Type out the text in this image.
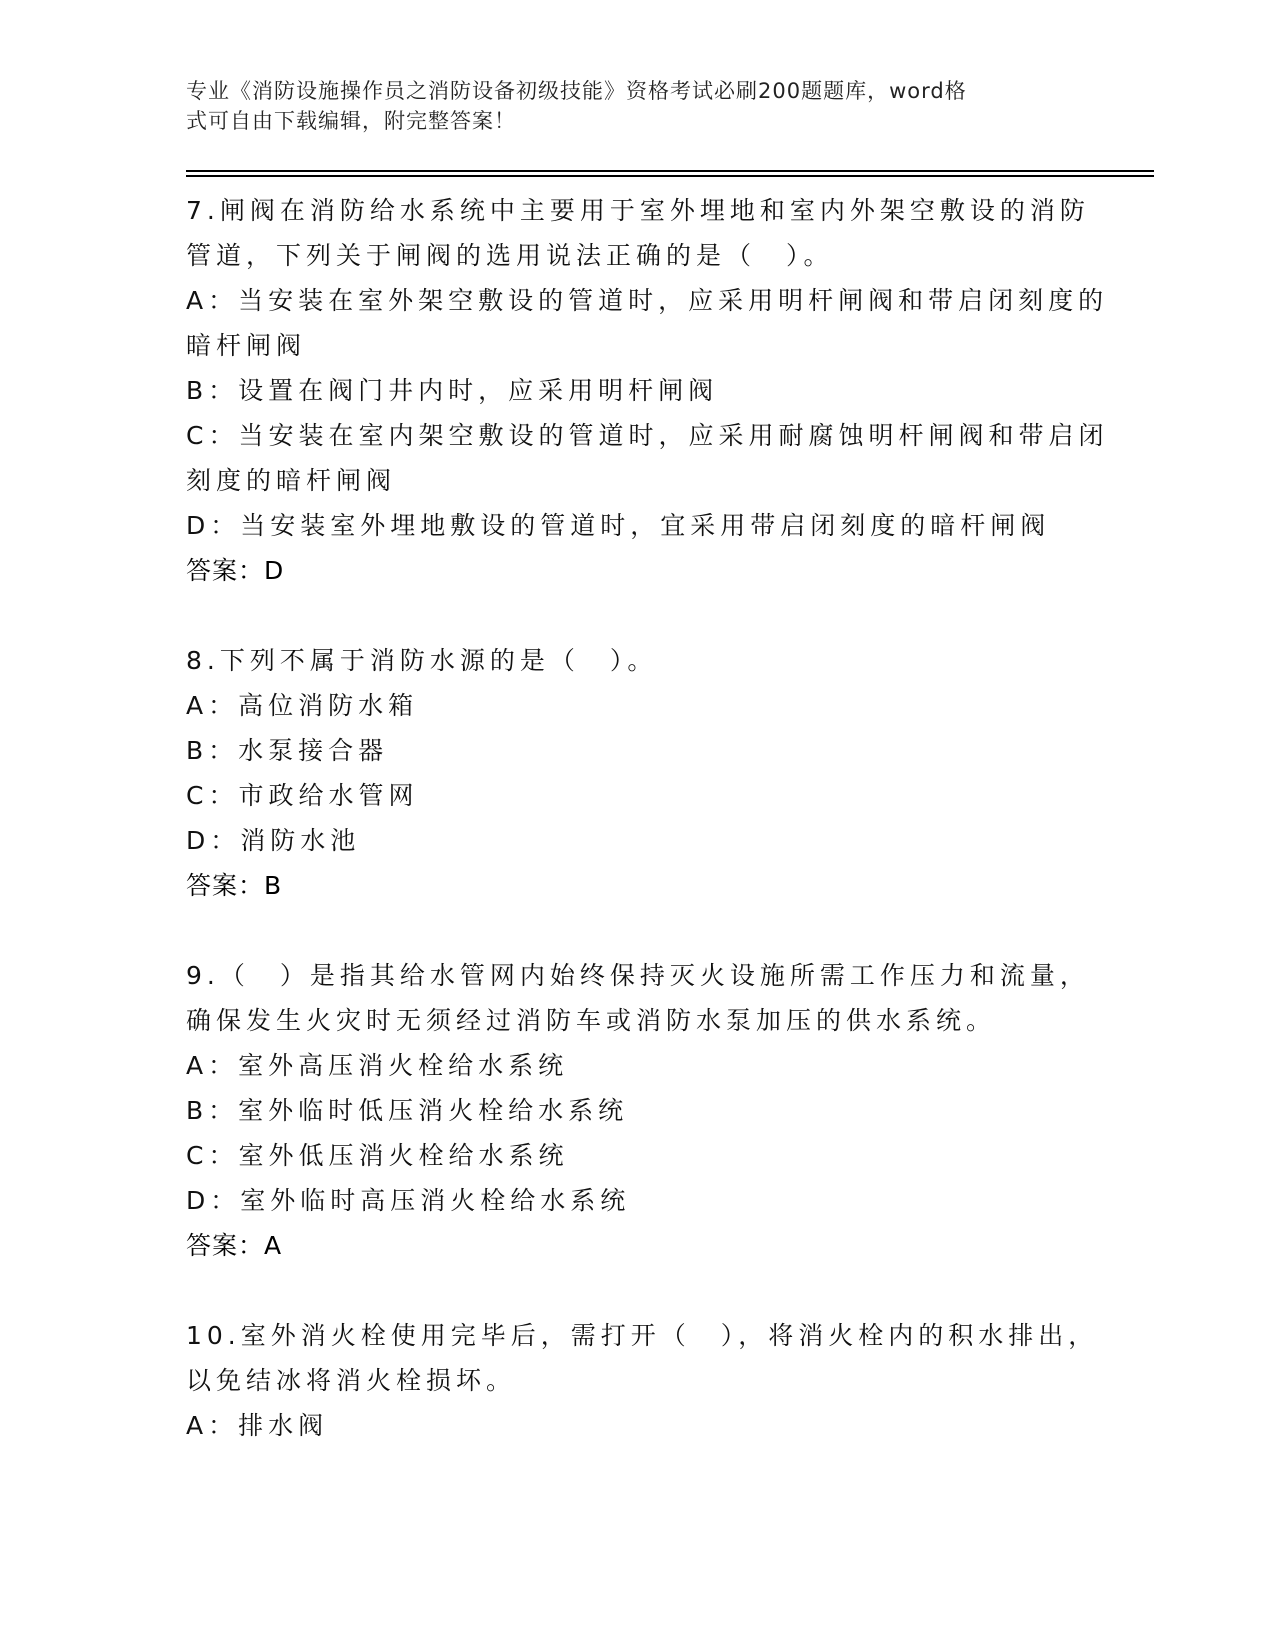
专业《消防设施操作员之消防设备初级技能》资格考试必刷200题题库，word格
式可自由下载编辑，附完整答案！
7.闸阀在消防给水系统中主要用于室外埋地和室内外架空敷设的消防
管道，下列关于闸阀的选用说法正确的是（　）。
A：当安装在室外架空敷设的管道时，应采用明杆闸阀和带启闭刻度的
暗杆闸阀
B：设置在阀门井内时，应采用明杆闸阀
C：当安装在室内架空敷设的管道时，应采用耐腐蚀明杆闸阀和带启闭
刻度的暗杆闸阀
D：当安装室外埋地敷设的管道时，宜采用带启闭刻度的暗杆闸阀
答案：D
8.下列不属于消防水源的是（　）。
A：高位消防水箱
B：水泵接合器
C：市政给水管网
D：消防水池
答案：B
9.（　）是指其给水管网内始终保持灭火设施所需工作压力和流量，
确保发生火灾时无须经过消防车或消防水泵加压的供水系统。
A：室外高压消火栓给水系统
B：室外临时低压消火栓给水系统
C：室外低压消火栓给水系统
D：室外临时高压消火栓给水系统
答案：A
10.室外消火栓使用完毕后，需打开（　），将消火栓内的积水排出，
以免结冰将消火栓损坏。
A：排水阀
